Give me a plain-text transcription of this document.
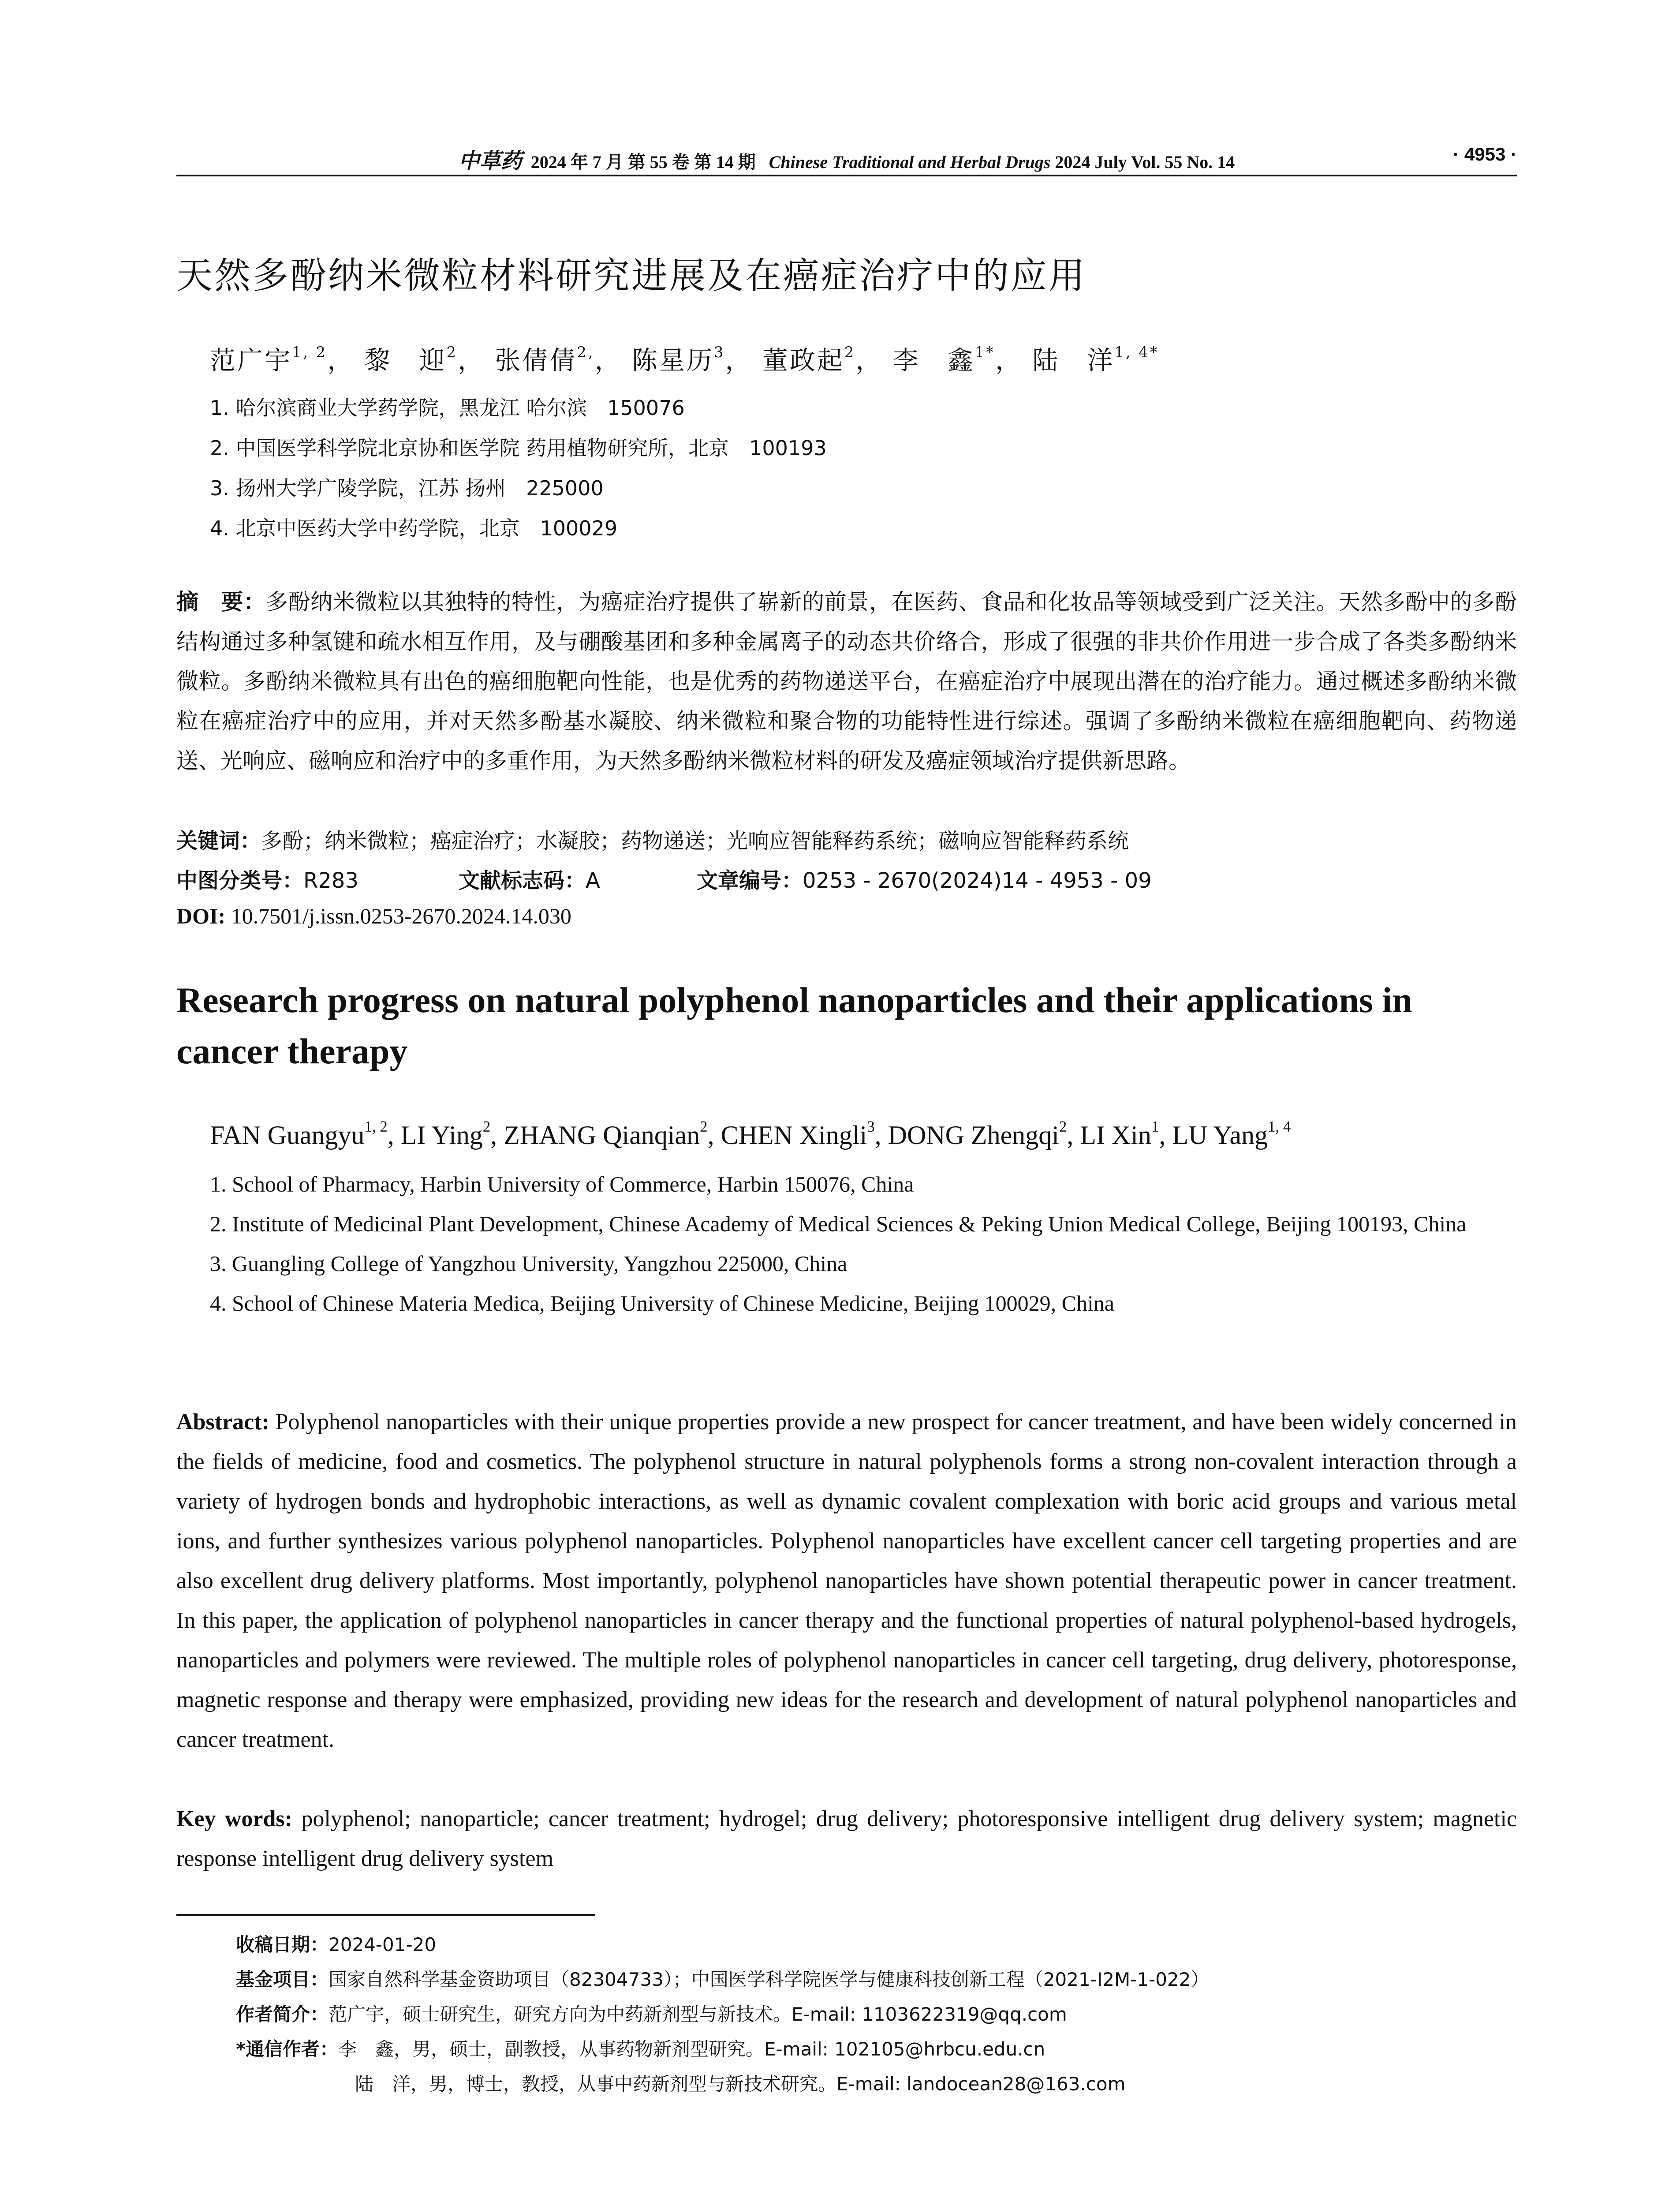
中草药 2024 年 7 月 第 55 卷 第 14 期 Chinese Traditional and Herbal Drugs 2024 July Vol. 55 No. 14	· 4953 ·
天然多酚纳米微粒材料研究进展及在癌症治疗中的应用
范广宇$^{1, 2}$， 黎　迎$^2$， 张倩倩$^{2,}$， 陈星历$^3$， 董政起$^2$， 李　鑫$^{1*}$， 陆　洋$^{1, 4*}$
1. 哈尔滨商业大学药学院，黑龙江 哈尔滨　150076
2. 中国医学科学院北京协和医学院 药用植物研究所，北京　100193
3. 扬州大学广陵学院，江苏 扬州　225000
4. 北京中医药大学中药学院，北京　100029

摘　要：多酚纳米微粒以其独特的特性，为癌症治疗提供了崭新的前景，在医药、食品和化妆品等领域受到广泛关注。天然多酚中的多酚结构通过多种氢键和疏水相互作用，及与硼酸基团和多种金属离子的动态共价络合，形成了很强的非共价作用进一步合成了各类多酚纳米微粒。多酚纳米微粒具有出色的癌细胞靶向性能，也是优秀的药物递送平台，在癌症治疗中展现出潜在的治疗能力。通过概述多酚纳米微粒在癌症治疗中的应用，并对天然多酚基水凝胶、纳米微粒和聚合物的功能特性进行综述。强调了多酚纳米微粒在癌细胞靶向、药物递送、光响应、磁响应和治疗中的多重作用，为天然多酚纳米微粒材料的研发及癌症领域治疗提供新思路。

关键词：多酚；纳米微粒；癌症治疗；水凝胶；药物递送；光响应智能释药系统；磁响应智能释药系统
中图分类号：R283	文献标志码：A	文章编号：0253 - 2670(2024)14 - 4953 - 09
DOI: 10.7501/j.issn.0253-2670.2024.14.030
Research progress on natural polyphenol nanoparticles and their applications in cancer therapy
FAN Guangyu$^{1, 2}$, LI Ying$^2$, ZHANG Qianqian$^2$, CHEN Xingli$^3$, DONG Zhengqi$^2$, LI Xin$^1$, LU Yang$^{1, 4}$
1. School of Pharmacy, Harbin University of Commerce, Harbin 150076, China
2. Institute of Medicinal Plant Development, Chinese Academy of Medical Sciences & Peking Union Medical College, Beijing 100193, China
3. Guangling College of Yangzhou University, Yangzhou 225000, China
4. School of Chinese Materia Medica, Beijing University of Chinese Medicine, Beijing 100029, China

Abstract: Polyphenol nanoparticles with their unique properties provide a new prospect for cancer treatment, and have been widely concerned in the fields of medicine, food and cosmetics. The polyphenol structure in natural polyphenols forms a strong non-covalent interaction through a variety of hydrogen bonds and hydrophobic interactions, as well as dynamic covalent complexation with boric acid groups and various metal ions, and further synthesizes various polyphenol nanoparticles. Polyphenol nanoparticles have excellent cancer cell targeting properties and are also excellent drug delivery platforms. Most importantly, polyphenol nanoparticles have shown potential therapeutic power in cancer treatment. In this paper, the application of polyphenol nanoparticles in cancer therapy and the functional properties of natural polyphenol-based hydrogels, nanoparticles and polymers were reviewed. The multiple roles of polyphenol nanoparticles in cancer cell targeting, drug delivery, photoresponse, magnetic response and therapy were emphasized, providing new ideas for the research and development of natural polyphenol nanoparticles and cancer treatment.

Key words: polyphenol; nanoparticle; cancer treatment; hydrogel; drug delivery; photoresponsive intelligent drug delivery system; magnetic response intelligent drug delivery system

收稿日期：2024-01-20
基金项目：国家自然科学基金资助项目（82304733）；中国医学科学院医学与健康科技创新工程（2021-I2M-1-022）
作者简介：范广宇，硕士研究生，研究方向为中药新剂型与新技术。E-mail: 1103622319@qq.com
*通信作者：李　鑫，男，硕士，副教授，从事药物新剂型研究。E-mail: 102105@hrbcu.edu.cn
陆　洋，男，博士，教授，从事中药新剂型与新技术研究。E-mail: landocean28@163.com
